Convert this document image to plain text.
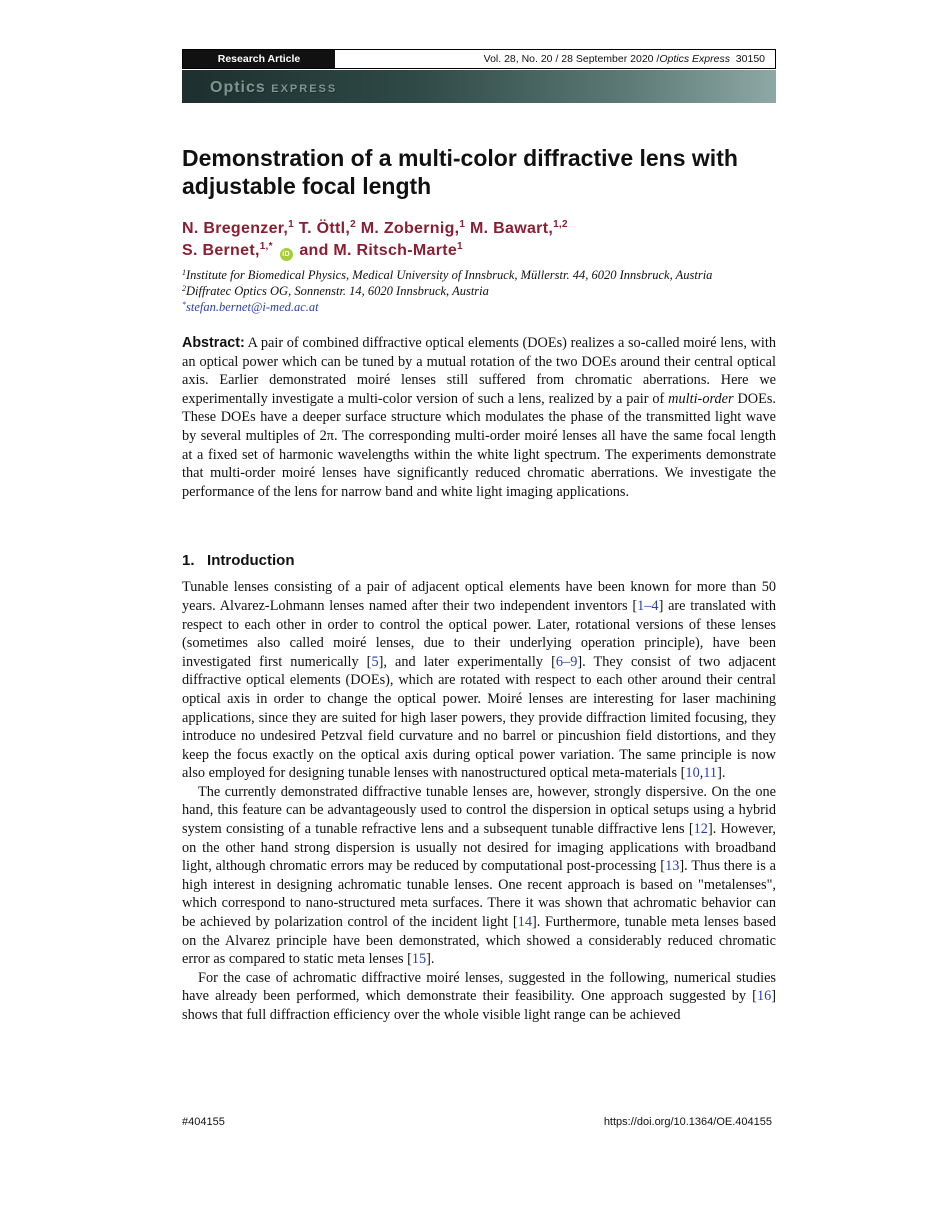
Research Article	Vol. 28, No. 20 / 28 September 2020 / Optics Express
30150
Optics EXPRESS
Demonstration of a multi-color diffractive lens with adjustable focal length
N. Bregenzer,$^1$ T. Öttl,$^2$ M. Zobernig,$^1$ M. Bawart,$^{1,2}$
S. Bernet,$^{1,*}$ iD and M. Ritsch-Marte$^1$
$^1$Institute for Biomedical Physics, Medical University of Innsbruck, Müllerstr. 44, 6020 Innsbruck, Austria
$^2$Diffratec Optics OG, Sonnenstr. 14, 6020 Innsbruck, Austria
*stefan.bernet@i-med.ac.at
Abstract: A pair of combined diffractive optical elements (DOEs) realizes a so-called moiré lens, with an optical power which can be tuned by a mutual rotation of the two DOEs around their central optical axis. Earlier demonstrated moiré lenses still suffered from chromatic aberrations. Here we experimentally investigate a multi-color version of such a lens, realized by a pair of multi-order DOEs. These DOEs have a deeper surface structure which modulates the phase of the transmitted light wave by several multiples of 2π. The corresponding multi-order moiré lenses all have the same focal length at a fixed set of harmonic wavelengths within the white light spectrum. The experiments demonstrate that multi-order moiré lenses have significantly reduced chromatic aberrations. We investigate the performance of the lens for narrow band and white light imaging applications.
1. Introduction

Tunable lenses consisting of a pair of adjacent optical elements have been known for more than 50 years. Alvarez-Lohmann lenses named after their two independent inventors [1–4] are translated with respect to each other in order to control the optical power. Later, rotational versions of these lenses (sometimes also called moiré lenses, due to their underlying operation principle), have been investigated first numerically [5], and later experimentally [6–9]. They consist of two adjacent diffractive optical elements (DOEs), which are rotated with respect to each other around their central optical axis in order to change the optical power. Moiré lenses are interesting for laser machining applications, since they are suited for high laser powers, they provide diffraction limited focusing, they introduce no undesired Petzval field curvature and no barrel or pincushion field distortions, and they keep the focus exactly on the optical axis during optical power variation. The same principle is now also employed for designing tunable lenses with nanostructured optical meta-materials [10,11].

The currently demonstrated diffractive tunable lenses are, however, strongly dispersive. On the one hand, this feature can be advantageously used to control the dispersion in optical setups using a hybrid system consisting of a tunable refractive lens and a subsequent tunable diffractive lens [12]. However, on the other hand strong dispersion is usually not desired for imaging applications with broadband light, although chromatic errors may be reduced by computational post-processing [13]. Thus there is a high interest in designing achromatic tunable lenses. One recent approach is based on "metalenses", which correspond to nano-structured meta surfaces. There it was shown that achromatic behavior can be achieved by polarization control of the incident light [14]. Furthermore, tunable meta lenses based on the Alvarez principle have been demonstrated, which showed a considerably reduced chromatic error as compared to static meta lenses [15].

For the case of achromatic diffractive moiré lenses, suggested in the following, numerical studies have already been performed, which demonstrate their feasibility. One approach suggested by [16] shows that full diffraction efficiency over the whole visible light range can be achieved

#404155	https://doi.org/10.1364/OE.404155
